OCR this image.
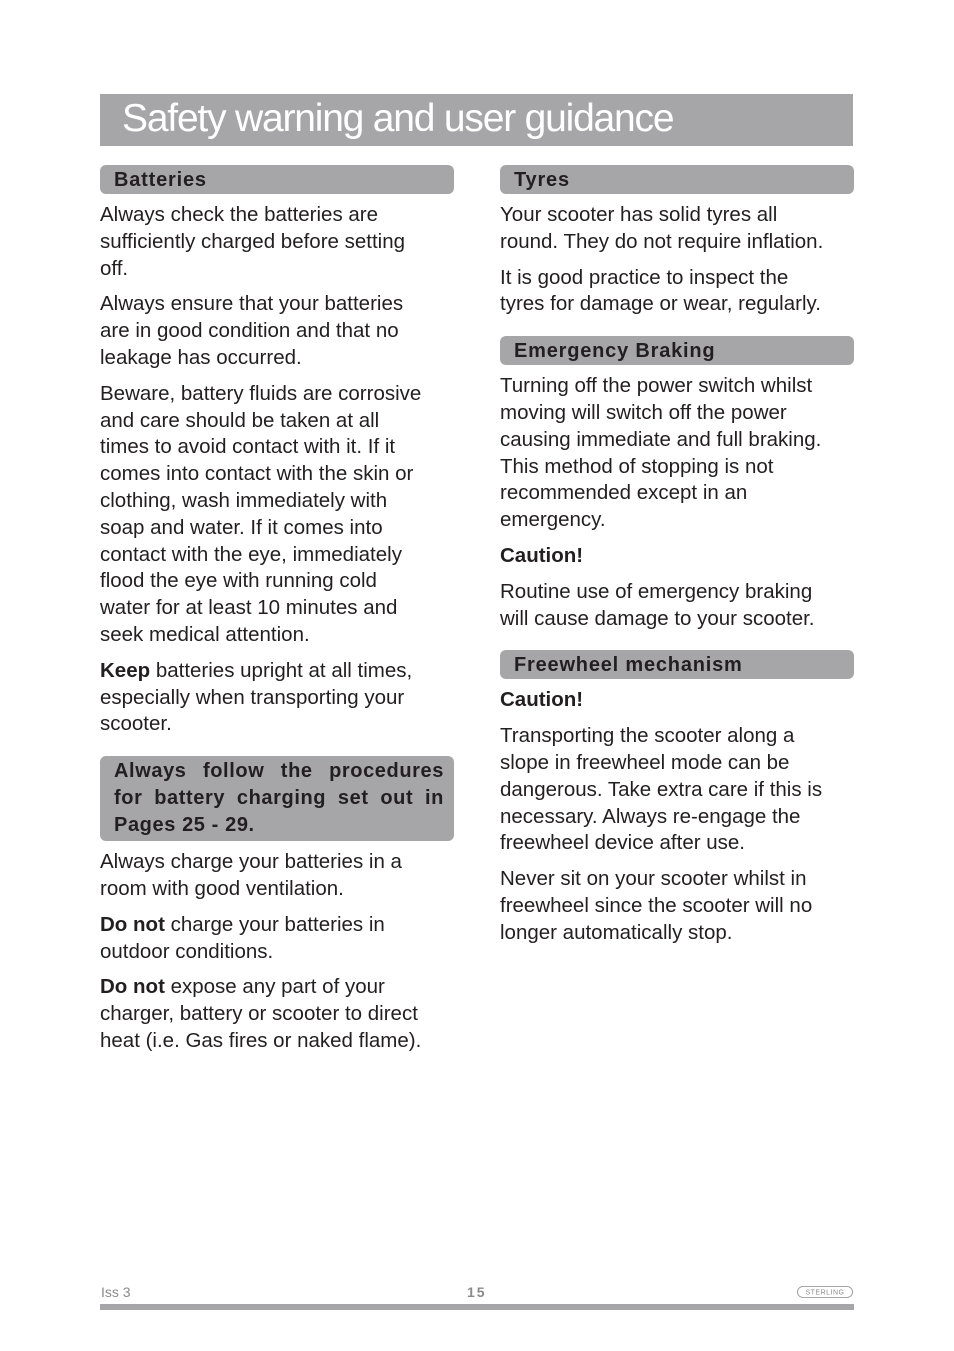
Safety warning and user guidance
Batteries
Always check the batteries are
sufficiently charged before setting
off.
Always ensure that your batteries
are in good condition and that no
leakage has occurred.
Beware, battery fluids are corrosive
and care should be taken at all
times to avoid contact with it. If it
comes into contact with the skin or
clothing, wash immediately with
soap and water. If it comes into
contact with the eye, immediately
flood the eye with running cold
water for at least 10 minutes and
seek medical attention.
Keep batteries upright at all times,
especially when transporting your
scooter.
Always follow the procedures for battery charging set out in Pages 25 - 29.
Always charge your batteries in a
room with good ventilation.
Do not charge your batteries in
outdoor conditions.
Do not expose any part of your
charger, battery or scooter to direct
heat (i.e. Gas fires or naked flame).
Tyres
Your scooter has solid tyres all
round. They do not require inflation.
It is good practice to inspect the
tyres for damage or wear, regularly.
Emergency Braking
Turning off the power switch whilst
moving will switch off the power
causing immediate and full braking.
This method of stopping is not
recommended except in an
emergency.
Caution!
Routine use of emergency braking
will cause damage to your scooter.
Freewheel mechanism
Caution!
Transporting the scooter along a
slope in freewheel mode can be
dangerous. Take extra care if this is
necessary. Always re-engage the
freewheel device after use.
Never sit on your scooter whilst in
freewheel since the scooter will no
longer automatically stop.
Iss 3	15	STERLING
